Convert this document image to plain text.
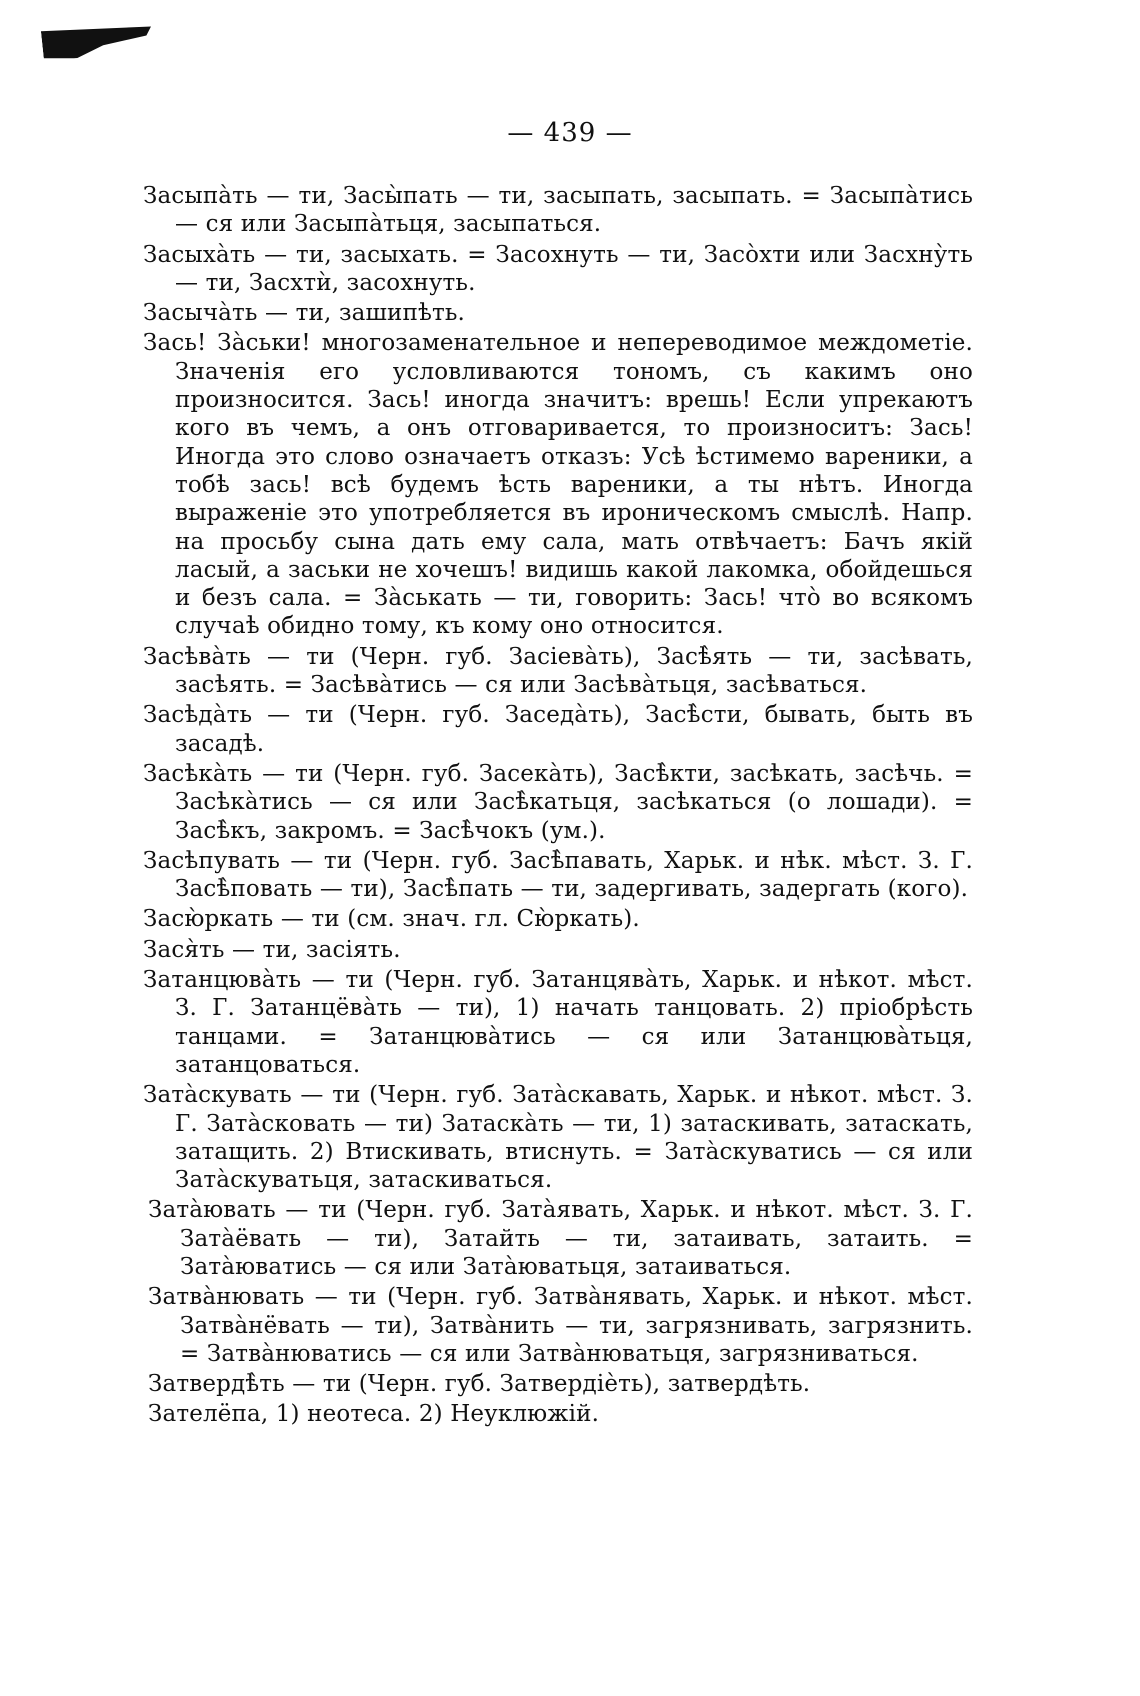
— 439 —

Засыпа̀ть — ти, Засы̀пать — ти, засыпать, засыпать. = Засыпа̀тись — ся или Засыпа̀тьця, засыпаться.

Засыха̀ть — ти, засыхать. = Засохнуть — ти, Засо̀хти или Засхну̀ть — ти, Засхтѝ, засохнуть.

Засыча̀ть — ти, зашипѣть.

Зась! За̀ськи! многозаменательное и непереводимое междометіе. Значенія его условливаются тономъ, съ какимъ оно произносится. Зась! иногда значитъ: врешь! Если упрекаютъ кого въ чемъ, а онъ отговаривается, то произноситъ: Зась! Иногда это слово означаетъ отказъ: Усѣ ѣстимемо вареники, а тобѣ зась! всѣ будемъ ѣсть вареники, а ты нѣтъ. Иногда выраженіе это употребляется въ ироническомъ смыслѣ. Напр. на просьбу сына дать ему сала, мать отвѣчаетъ: Бачъ якій ласый, а заськи не хочешъ! видишь какой лакомка, обойдешься и безъ сала. = За̀ськать — ти, говорить: Зась! что̀ во всякомъ случаѣ обидно тому, къ кому оно относится.

Засѣва̀ть — ти (Черн. губ. Засіева̀ть), Засѣ̀ять — ти, засѣвать, засѣять. = Засѣва̀тись — ся или Засѣва̀тьця, засѣваться.

Засѣда̀ть — ти (Черн. губ. Заседа̀ть), Засѣ̀сти, бывать, быть въ засадѣ.

Засѣка̀ть — ти (Черн. губ. Засека̀ть), Засѣ̀кти, засѣкать, засѣчь. = Засѣка̀тись — ся или Засѣ̀катьця, засѣкаться (о лошади). = Засѣ̀къ, закромъ. = Засѣ̀чокъ (ум.).

Засѣпувать — ти (Черн. губ. Засѣ̀павать, Харьк. и нѣк. мѣст. З. Г. Засѣ̀повать — ти), Засѣ̀пать — ти, задергивать, задергать (кого).

Засю̀ркать — ти (см. знач. гл. Сю̀ркать).

Зася̀ть — ти, засіять.

Затанцюва̀ть — ти (Черн. губ. Затанцява̀ть, Харьк. и нѣкот. мѣст. З. Г. Затанцёва̀ть — ти), 1) начать танцовать. 2) пріобрѣсть танцами. = Затанцюва̀тись — ся или Затанцюва̀тьця, затанцоваться.

Зата̀скувать — ти (Черн. губ. Зата̀скавать, Харьк. и нѣкот. мѣст. З. Г. Зата̀сковать — ти) Затаска̀ть — ти, 1) затаскивать, затаскать, затащить. 2) Втискивать, втиснуть. = Зата̀скуватись — ся или Зата̀скуватьця, затаскиваться.

Зата̀ювать — ти (Черн. губ. Зата̀явать, Харьк. и нѣкот. мѣст. З. Г. Зата̀ёвать — ти), Затайть — ти, затаивать, затаить. = Зата̀юватись — ся или Зата̀юватьця, затаиваться.

Затва̀нювать — ти (Черн. губ. Затва̀нявать, Харьк. и нѣкот. мѣст. Затва̀нёвать — ти), Затва̀нить — ти, загрязнивать, загрязнить. = Затва̀нюватись — ся или Затва̀нюватьця, загрязниваться.

Затвердѣ̀ть — ти (Черн. губ. Затвердіѐть), затвердѣть.

Зателёпа, 1) неотеса. 2) Неуклюжій.
